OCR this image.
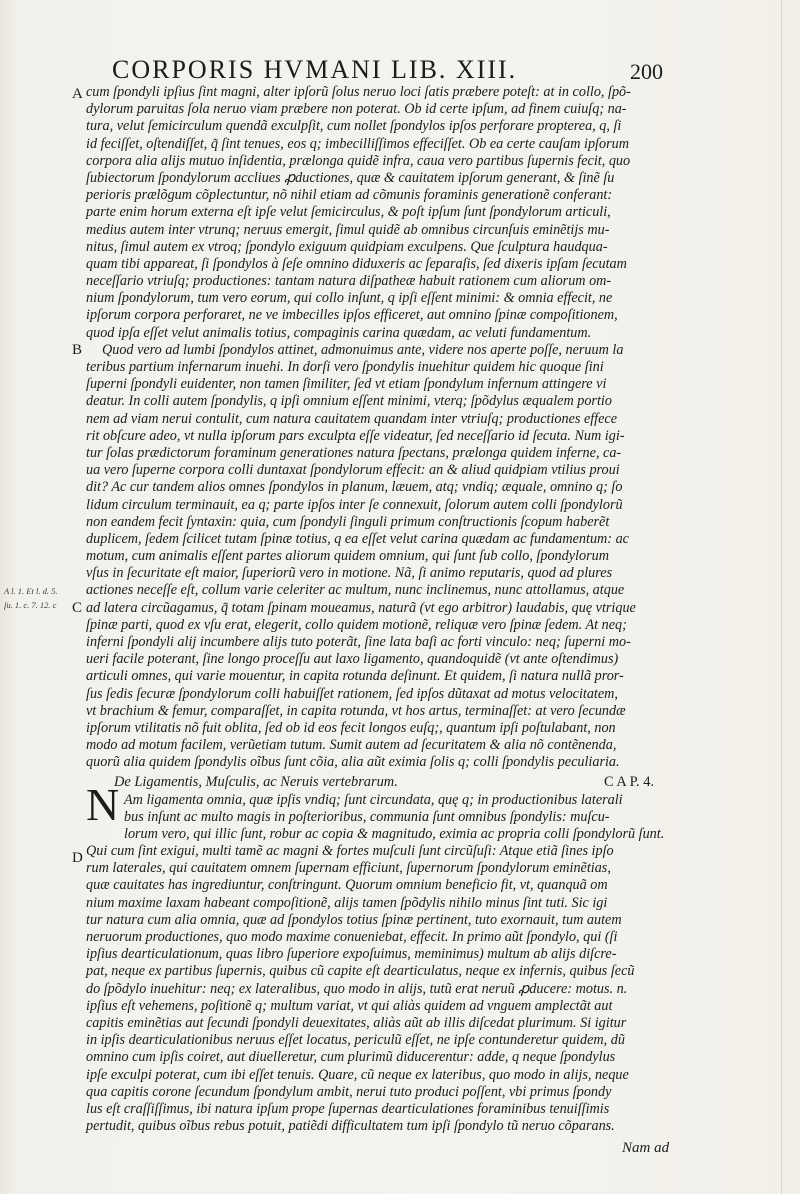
CORPORIS HVMANI LIB. XIII.	200
A
B
C
D
A l. 1. Et l. d. 5.
ſu. 1. c. 7. 12. c
cum ſpondyli ipſius ſint magni, alter ipſorũ ſolus neruo loci ſatis præbere poteſt: at in collo, ſpõ-
dylorum paruitas ſola neruo viam præbere non poterat. Ob id certe ipſum, ad finem cuiuſq; na-
tura, velut ſemicirculum quendã exculpſit, cum nollet ſpondylos ipſos perforare propterea, q, ſi
id feciſſet, oſtendiſſet, q̃ ſint tenues, eos q; imbecilliſſimos effeciſſet. Ob ea certe cauſam ipſorum
corpora alia alijs mutuo inſidentia, prælonga quidẽ infra, caua vero partibus ſupernis fecit, quo
ſubiectorum ſpondylorum accliues ꝓductiones, quæ & cauitatem ipſorum generant, & ſinẽ ſu
perioris prælõgum cõplectuntur, nõ nihil etiam ad cõmunis foraminis generationẽ conferant:
parte enim horum externa eſt ipſe velut ſemicirculus, & poſt ipſum ſunt ſpondylorum articuli,
medius autem inter vtrunq; neruus emergit, ſimul quidẽ ab omnibus circunſuis eminẽtijs mu-
nitus, ſimul autem ex vtroq; ſpondylo exiguum quidpiam exculpens. Que ſculptura haudqua-
quam tibi appareat, ſi ſpondylos à ſeſe omnino diduxeris ac ſeparaſis, ſed dixeris ipſam ſecutam
neceſſario vtriuſq; productiones: tantam natura diſpatheæ habuit rationem cum aliorum om-
nium ſpondylorum, tum vero eorum, qui collo inſunt, q ipſi eſſent minimi: & omnia effecit, ne
ipſorum corpora perforaret, ne ve imbecilles ipſos efficeret, aut omnino ſpinæ compoſitionem,
quod ipſa eſſet velut animalis totius, compaginis carina quædam, ac veluti fundamentum.
Quod vero ad lumbi ſpondylos attinet, admonuimus ante, videre nos aperte poſſe, neruum la
teribus partium infernarum inuehi. In dorſi vero ſpondylis inuehitur quidem hic quoque ſini
ſuperni ſpondyli euidenter, non tamen ſimiliter, ſed vt etiam ſpondylum infernum attingere vi
deatur. In colli autem ſpondylis, q ipſi omnium eſſent minimi, vterq; ſpõdylus æqualem portio
nem ad viam nerui contulit, cum natura cauitatem quandam inter vtriuſq; productiones effece
rit obſcure adeo, vt nulla ipſorum pars exculpta eſſe videatur, ſed neceſſario id ſecuta. Num igi-
tur ſolas prædictorum foraminum generationes natura ſpectans, prælonga quidem inferne, ca-
ua vero ſuperne corpora colli duntaxat ſpondylorum effecit: an & aliud quidpiam vtilius proui
dit? Ac cur tandem alios omnes ſpondylos in planum, læuem, atq; vndiq; æquale, omnino q; ſo
lidum circulum terminauit, ea q; parte ipſos inter ſe connexuit, ſolorum autem colli ſpondylorũ
non eandem fecit ſyntaxin: quia, cum ſpondyli ſinguli primum conſtructionis ſcopum haberẽt
duplicem, ſedem ſcilicet tutam ſpinæ totius, q ea eſſet velut carina quædam ac fundamentum: ac
motum, cum animalis eſſent partes aliorum quidem omnium, qui ſunt ſub collo, ſpondylorum
vſus in ſecuritate eſt maior, ſuperiorũ vero in motione. Nã, ſi animo reputaris, quod ad plures
actiones neceſſe eſt, collum varie celeriter ac multum, nunc inclinemus, nunc attollamus, atque
ad latera circũagamus, q̃ totam ſpinam moueamus, naturã (vt ego arbitror) laudabis, quę vtrique
ſpinæ parti, quod ex vſu erat, elegerit, collo quidem motionẽ, reliquæ vero ſpinæ ſedem. At neq;
inferni ſpondyli alij incumbere alijs tuto poterãt, ſine lata baſi ac forti vinculo: neq; ſuperni mo-
ueri facile poterant, ſine longo proceſſu aut laxo ligamento, quandoquidẽ (vt ante oſtendimus)
articuli omnes, qui varie mouentur, in capita rotunda deſinunt. Et quidem, ſi natura nullã pror-
ſus ſedis ſecuræ ſpondylorum colli habuiſſet rationem, ſed ipſos dũtaxat ad motus velocitatem,
vt brachium & femur, comparaſſet, in capita rotunda, vt hos artus, terminaſſet: at vero ſecundæ
ipſorum vtilitatis nõ fuit oblita, ſed ob id eos fecit longos euſq;, quantum ipſi poſtulabant, non
modo ad motum facilem, verũetiam tutum. Sumit autem ad ſecuritatem & alia nõ contẽnenda,
quorũ alia quidem ſpondylis oĩbus ſunt cõia, alia aũt eximia ſolis q; colli ſpondylis peculiaria.
De Ligamentis, Muſculis, ac Neruis vertebrarum.	C A P. 4.
Am ligamenta omnia, quæ ipſis vndiq; ſunt circundata, quę q; in productionibus laterali
bus inſunt ac multo magis in poſterioribus, communia ſunt omnibus ſpondylis: muſcu-
lorum vero, qui illic ſunt, robur ac copia & magnitudo, eximia ac propria colli ſpondylorũ ſunt.
Qui cum ſint exigui, multi tamẽ ac magni & fortes muſculi ſunt circũſuſi: Atque etiã ſines ipſo
rum laterales, qui cauitatem omnem ſupernam efficiunt, ſupernorum ſpondylorum eminẽtias,
quæ cauitates has ingrediuntur, conſtringunt. Quorum omnium beneficio fit, vt, quanquã om
nium maxime laxam habeant compoſitionẽ, alijs tamen ſpõdylis nihilo minus ſint tuti. Sic igi
tur natura cum alia omnia, quæ ad ſpondylos totius ſpinæ pertinent, tuto exornauit, tum autem
neruorum productiones, quo modo maxime conueniebat, effecit. In primo aũt ſpondylo, qui (ſi
ipſius dearticulationum, quas libro ſuperiore expoſuimus, meminimus) multum ab alijs diſcre-
pat, neque ex partibus ſupernis, quibus cũ capite eſt dearticulatus, neque ex infernis, quibus ſecũ
do ſpõdylo inuehitur: neq; ex lateralibus, quo modo in alijs, tutũ erat neruũ ꝓducere: motus. n.
ipſius eſt vehemens, poſitionẽ q; multum variat, vt qui aliàs quidem ad vnguem amplectãt aut
capitis eminẽtias aut ſecundi ſpondyli deuexitates, aliàs aũt ab illis diſcedat plurimum. Si igitur
in ipſis dearticulationibus neruus eſſet locatus, periculũ eſſet, ne ipſe contunderetur quidem, dũ
omnino cum ipſis coiret, aut diuelleretur, cum plurimũ diducerentur: adde, q neque ſpondylus
ipſe exculpi poterat, cum ibi eſſet tenuis. Quare, cũ neque ex lateribus, quo modo in alijs, neque
qua capitis corone ſecundum ſpondylum ambit, nerui tuto produci poſſent, vbi primus ſpondy
lus eſt craſſiſſimus, ibi natura ipſum prope ſupernas dearticulationes foraminibus tenuiſſimis
pertudit, quibus oĩbus rebus potuit, patiẽdi difficultatem tum ipſi ſpondylo tũ neruo cõparans.
N
Nam ad
